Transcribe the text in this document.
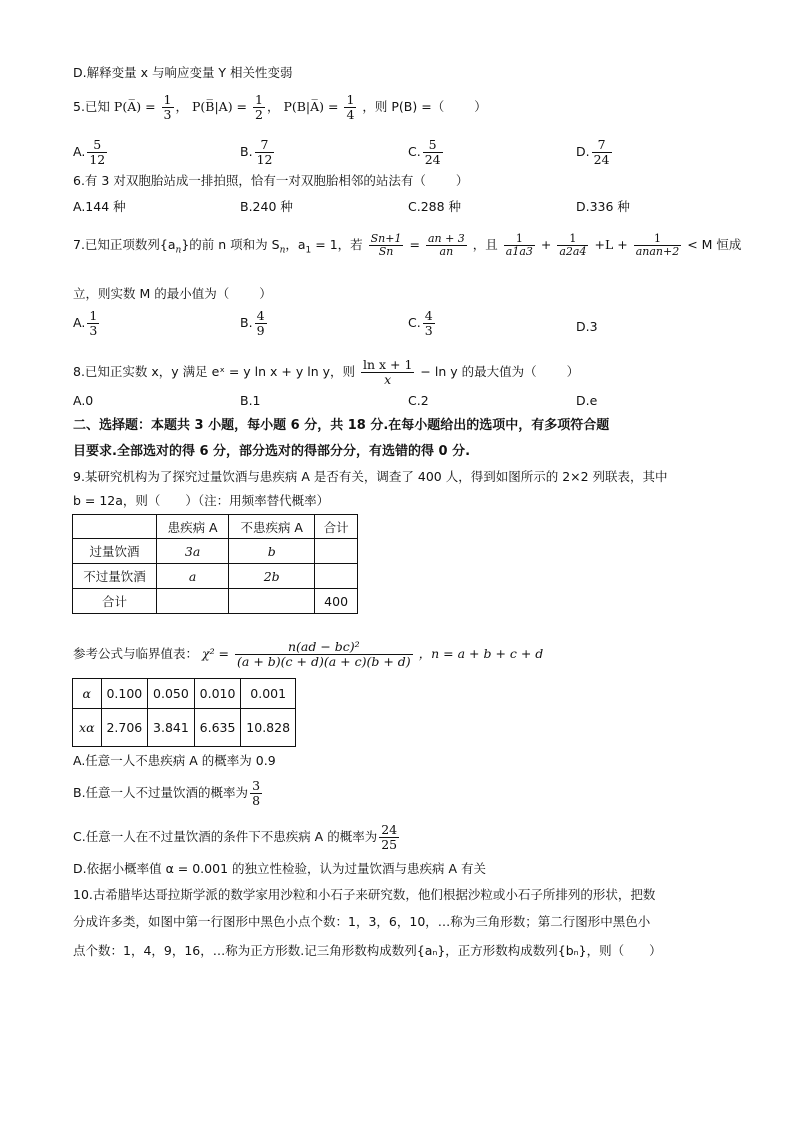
D.解释变量 x 与响应变量 Y 相关性变弱
5.已知 P(A̅) = $\frac{1}{3}$ ， P(B̅|A) = $\frac{1}{2}$ ， P(B|A̅) = $\frac{1}{4}$ ，则 P(B) =（ ）
A. $\frac{5}{12}$	B. $\frac{7}{12}$	C. $\frac{5}{24}$	D. $\frac{7}{24}$
6.有 3 对双胞胎站成一排拍照，恰有一对双胞胎相邻的站法有（ ）
A.144 种	B.240 种	C.288 种	D.336 种
7.已知正项数列$\{a_n\}$的前 n 项和为 $S_n$，$a_1 = 1$，若 $\frac{Sn+1}{Sn} = \frac{an + 3}{an}$ ，且 $\frac{1}{a1a3} + \frac{1}{a2a4} +L + \frac{1}{\text{anan+2}} < M$ 恒成
立，则实数 M 的最小值为（ ）
A. $\frac{1}{3}$	B. $\frac{4}{9}$	C. $\frac{4}{3}$	D.3
8.已知正实数 x，y 满足 eˣ = y ln x + y ln y，则 $\frac{\text{ln x + 1}}{x} - \ln y$ 的最大值为（ ）
A.0	B.1	C.2	D.e
二、选择题：本题共 3 小题，每小题 6 分，共 18 分.在每小题给出的选项中，有多项符合题
目要求.全部选对的得 6 分，部分选对的得部分分，有选错的得 0 分.
9.某研究机构为了探究过量饮酒与患疾病 A 是否有关，调查了 400 人，得到如图所示的 2×2 列联表，其中
b = 12a，则（　　）（注：用频率替代概率）
	患疾病 A	不患疾病 A	合计
过量饮酒	3a	b	
不过量饮酒	a	2b	
合计			400
参考公式与临界值表： $\chi^2 = \frac{\text{n(ad − bc)²}}{(a + b)(c + d)(a + c)(b + d)}$ ，n = a + b + c + d
α	0.100	0.050	0.010	0.001
xα	2.706	3.841	6.635	10.828
A.任意一人不患疾病 A 的概率为 0.9
B.任意一人不过量饮酒的概率为 $\frac{3}{8}$
C.任意一人在不过量饮酒的条件下不患疾病 A 的概率为 $\frac{24}{25}$
D.依据小概率值 α = 0.001 的独立性检验，认为过量饮酒与患疾病 A 有关
10.古希腊毕达哥拉斯学派的数学家用沙粒和小石子来研究数，他们根据沙粒或小石子所排列的形状，把数
分成许多类，如图中第一行图形中黑色小点个数：1，3，6，10，…称为三角形数；第二行图形中黑色小
点个数：1，4，9，16，…称为正方形数.记三角形数构成数列{aₙ}，正方形数构成数列{bₙ}，则（　　）
